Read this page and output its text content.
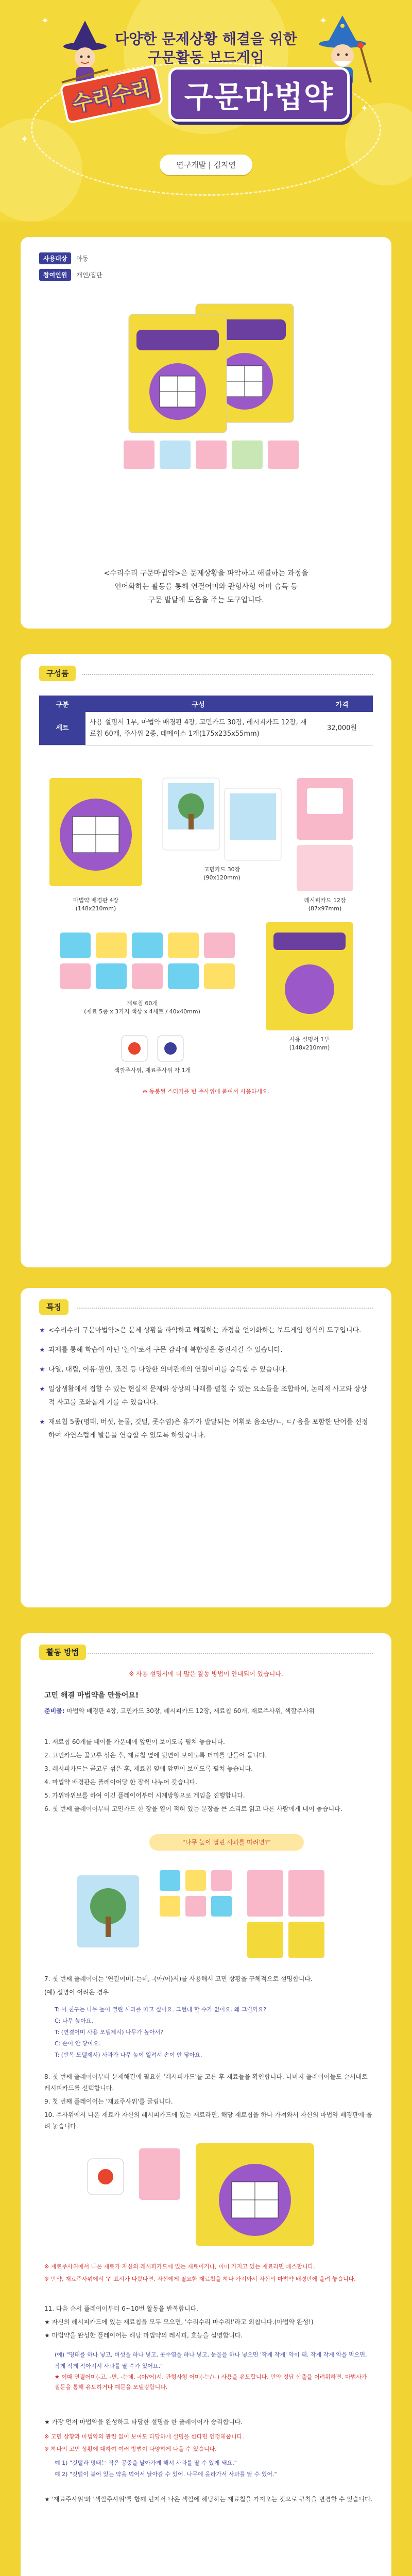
✦
✦
✦
✦
다양한 문제상황 해결을 위한
구문활동 보드게임
수리수리 구문마법약
연구개발 | 김지연
사용대상 아동
참여인원 개인/집단
<수리수리 구문마법약>은 문제상황을 파악하고 해결하는 과정을
언어화하는 활동을 통해 연결어미와 관형사형 어미 습득 등
구문 발달에 도움을 주는 도구입니다.
구성품
구분	구성	가격
세트	사용 설명서 1부, 마법약 배경판 4장, 고민카드 30장, 레시피카드 12장, 재료칩 60개, 주사위 2종, 데메이스 1개(175x235x55mm)	32,000원
마법약 배경판 4장
(148x210mm)
고민카드 30장
(90x120mm)
레시피카드 12장
(87x97mm)
재료칩 60개
(재료 5종 x 3가지 색상 x 4세트 / 40x40mm)
색깔주사위, 재료주사위 각 1개
사용 설명서 1부
(148x210mm)
※ 동봉된 스티커를 빈 주사위에 붙여서 사용하세요.
특징
★ <수리수리 구문마법약>은 문제 상황을 파악하고 해결하는 과정을 언어화하는 보드게임 형식의 도구입니다.
★ 과제를 통해 학습이 아닌 '놀이'로서 구문 감각에 복합성을 증진시킬 수 있습니다.
★ 나열, 대립, 이유·원인, 조건 등 다양한 의미관계의 연결어미를 습득할 수 있습니다.
★ 일상생활에서 접할 수 있는 현실적 문제와 상상의 나래를 펼칠 수 있는 요소들을 조합하여, 논리적 사고와 상상적 사고를 조화롭게 기를 수 있습니다.
★ 재료칩 5종(명태, 버섯, 눈물, 깃털, 콧수염)은 휴가가 발달되는 어휘로 음소단/ㄴ, ㄷ/ 음을 포함한 단어를 선정하여 자연스럽게 발음을 연습할 수 있도록 하였습니다.
활동 방법
※ 사용 설명서에 더 많은 활동 방법이 안내되어 있습니다.
고민 해결 마법약을 만들어요!
준비물: 마법약 배경판 4장, 고민카드 30장, 레시피카드 12장, 재료칩 60개, 재료주사위, 색깔주사위

1. 재료칩 60개를 테이블 가운데에 앞면이 보이도록 펼쳐 놓습니다.

2. 고민카드는 골고루 섞은 후, 재료칩 옆에 뒷면이 보이도록 더미를 만들어 둡니다.

3. 레시피카드는 골고루 섞은 후, 재료칩 옆에 앞면이 보이도록 펼쳐 놓습니다.

4. 마법약 배경판은 플레이어당 한 장씩 나누어 갖습니다.

5. 가위바위보를 하여 이긴 플레이어부터 시계방향으로 게임을 진행합니다.

6. 첫 번째 플레이어부터 고민카드 한 장을 열어 적혀 있는 문장을 큰 소리로 읽고 다른 사람에게 내어 놓습니다.

"나무 높이 열린 사과를 따려면?"

7. 첫 번째 플레이어는 '연결어미(-는데, -(아/어)서)를 사용해서 고민 상황을 구체적으로 설명합니다.

(예) 설명이 어려운 경우

T: 이 친구는 나무 높이 열린 사과를 따고 싶어요. 그런데 할 수가 없어요. 왜 그럴까요?
C: 나무 높아요.
T: (연결어미 사용 모델제시) 나무가 높아서?
C: 손이 안 닿아요.
T: (반복 모델제시) 사과가 나무 높이 열려서 손이 안 닿아요.

8. 첫 번째 플레이어부터 문제해결에 필요한 '레시피카드'를 고른 후 재료들을 확인합니다. 나머지 플레이어들도 순서대로 레시피카드를 선택합니다.

9. 첫 번째 플레이어는 '재료주사위'를 굴립니다.

10. 주사위에서 나온 재료가 자신의 레시피카드에 있는 재료라면, 해당 재료칩을 하나 가져와서 자신의 마법약 배경판에 올려 놓습니다.

※ 재료주사위에서 나온 재료가 자신의 레시피카드에 있는 재료이거나, 이미 가지고 있는 재료라면 패스합니다.

※ 만약, 재료주사위에서 '?' 표시가 나왔다면, 자신에게 필요한 재료칩을 하나 가져와서 자신의 마법약 배경판에 올려 놓습니다.

11. 다음 순서 플레이어부터 6~10번 활동을 반복합니다.

★ 자신의 레시피카드에 있는 재료칩을 모두 모으면, '수리수리 마수리!'라고 외칩니다.(마법약 완성!)

★ 마법약을 완성한 플레이어는 해당 마법약의 레시피, 효능을 설명합니다.

(예) "명태를 하나 넣고, 버섯을 하나 넣고, 콧수염을 하나 넣고, 눈물을 하나 넣으면 '작게 작게' 약이 돼. 작게 작게 약을 먹으면, 작게 작게 작아져서 사과를 딸 수가 있어요."
★ 이때 연결어미(-고, -면, -는데, -(아/어)서, 관형사형 어미(-는/ㄴ) 사용을 유도합니다. 만약 정답 산출을 어려워하면, 마법사가 질문을 통해 유도하거나 예문을 모델링합니다.

★ 가장 먼저 마법약을 완성하고 타당한 설명을 한 플레이어가 승리합니다.

※ 고민 상황과 마법약의 관련 없이 보여도 타당하게 설명을 한다면 인정해줍니다.

※ 하나의 고민 상황에 대하여 여러 방법이 다양하게 나올 수 있습니다.

예 1) "깃털과 명태는 작은 공중을 날아가게 해서 사과를 딸 수 있게 돼요."
예 2) "깃털이 붙어 있는 약을 먹어서 날아갈 수 있어. 나무에 올라가서 사과를 딸 수 있어."

★ '재료주사위'와 '색깔주사위'를 함께 던져서 나온 색깔에 해당하는 재료칩을 가져오는 것으로 규칙을 변경할 수 있습니다.
